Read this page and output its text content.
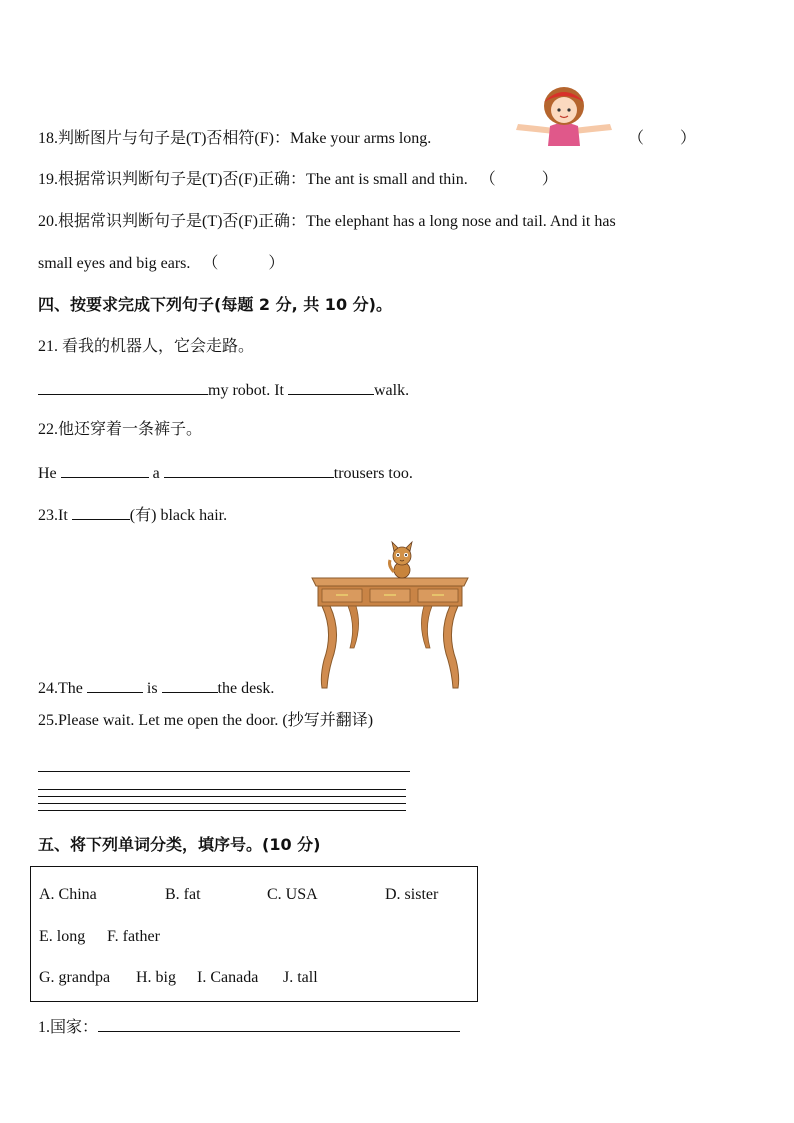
18.判断图片与句子是(T)否相符(F)：Make your arms long.	（ ）
19.根据常识判断句子是(T)否(F)正确：The ant is small and thin. （	）
20.根据常识判断句子是(T)否(F)正确：The elephant has a long nose and tail. And it has
small eyes and big ears. （	）
四、按要求完成下列句子(每题 2 分, 共 10 分)。
21. 看我的机器人，它会走路。
my robot. It	walk.
22.他还穿着一条裤子。
He	a	trousers too.
23.It	(有) black hair.
24.The	is	the desk.
25.Please wait. Let me open the door. (抄写并翻译)
五、将下列单词分类，填序号。(10 分)
A. China	B. fat	C. USA	D. sister
E. long F. father
G. grandpa H. big I. Canada J. tall
1.国家：
